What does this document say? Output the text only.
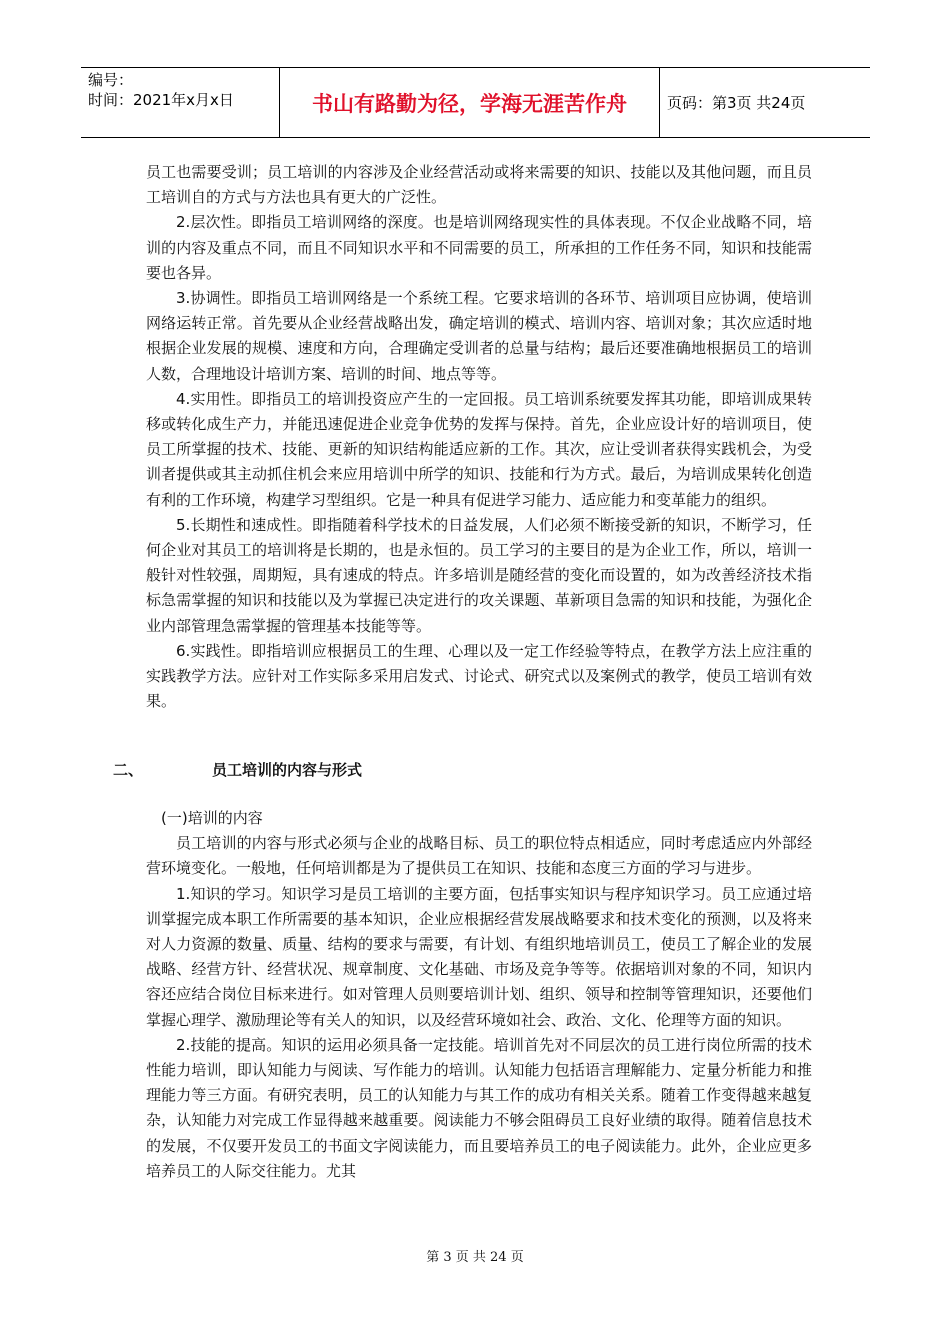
编号：
时间：2021年x月x日	书山有路勤为径，学海无涯苦作舟	页码：第3页 共24页

员工也需要受训；员工培训的内容涉及企业经营活动或将来需要的知识、技能以及其他问题，而且员工培训自的方式与方法也具有更大的广泛性。

2.层次性。即指员工培训网络的深度。也是培训网络现实性的具体表现。不仅企业战略不同，培训的内容及重点不同，而且不同知识水平和不同需要的员工，所承担的工作任务不同，知识和技能需要也各异。

3.协调性。即指员工培训网络是一个系统工程。它要求培训的各环节、培训项目应协调，使培训网络运转正常。首先要从企业经营战略出发，确定培训的模式、培训内容、培训对象；其次应适时地根据企业发展的规模、速度和方向，合理确定受训者的总量与结构；最后还要准确地根据员工的培训人数，合理地设计培训方案、培训的时间、地点等等。

4.实用性。即指员工的培训投资应产生的一定回报。员工培训系统要发挥其功能，即培训成果转移或转化成生产力，并能迅速促进企业竞争优势的发挥与保持。首先，企业应设计好的培训项目，使员工所掌握的技术、技能、更新的知识结构能适应新的工作。其次，应让受训者获得实践机会，为受训者提供或其主动抓住机会来应用培训中所学的知识、技能和行为方式。最后，为培训成果转化创造有利的工作环境，构建学习型组织。它是一种具有促进学习能力、适应能力和变革能力的组织。

5.长期性和速成性。即指随着科学技术的日益发展，人们必须不断接受新的知识，不断学习，任何企业对其员工的培训将是长期的，也是永恒的。员工学习的主要目的是为企业工作，所以，培训一般针对性较强，周期短，具有速成的特点。许多培训是随经营的变化而设置的，如为改善经济技术指标急需掌握的知识和技能以及为掌握已决定进行的攻关课题、革新项目急需的知识和技能，为强化企业内部管理急需掌握的管理基本技能等等。

6.实践性。即指培训应根据员工的生理、心理以及一定工作经验等特点，在教学方法上应注重的实践教学方法。应针对工作实际多采用启发式、讨论式、研究式以及案例式的教学，使员工培训有效果。

二、	员工培训的内容与形式

(一)培训的内容

员工培训的内容与形式必须与企业的战略目标、员工的职位特点相适应，同时考虑适应内外部经营环境变化。一般地，任何培训都是为了提供员工在知识、技能和态度三方面的学习与进步。

1.知识的学习。知识学习是员工培训的主要方面，包括事实知识与程序知识学习。员工应通过培训掌握完成本职工作所需要的基本知识，企业应根据经营发展战略要求和技术变化的预测，以及将来对人力资源的数量、质量、结构的要求与需要，有计划、有组织地培训员工，使员工了解企业的发展战略、经营方针、经营状况、规章制度、文化基础、市场及竞争等等。依据培训对象的不同，知识内容还应结合岗位目标来进行。如对管理人员则要培训计划、组织、领导和控制等管理知识，还要他们掌握心理学、激励理论等有关人的知识，以及经营环境如社会、政治、文化、伦理等方面的知识。

2.技能的提高。知识的运用必须具备一定技能。培训首先对不同层次的员工进行岗位所需的技术性能力培训，即认知能力与阅读、写作能力的培训。认知能力包括语言理解能力、定量分析能力和推理能力等三方面。有研究表明，员工的认知能力与其工作的成功有相关关系。随着工作变得越来越复杂，认知能力对完成工作显得越来越重要。阅读能力不够会阻碍员工良好业绩的取得。随着信息技术的发展，不仅要开发员工的书面文字阅读能力，而且要培养员工的电子阅读能力。此外，企业应更多培养员工的人际交往能力。尤其

第 3 页 共 24 页
